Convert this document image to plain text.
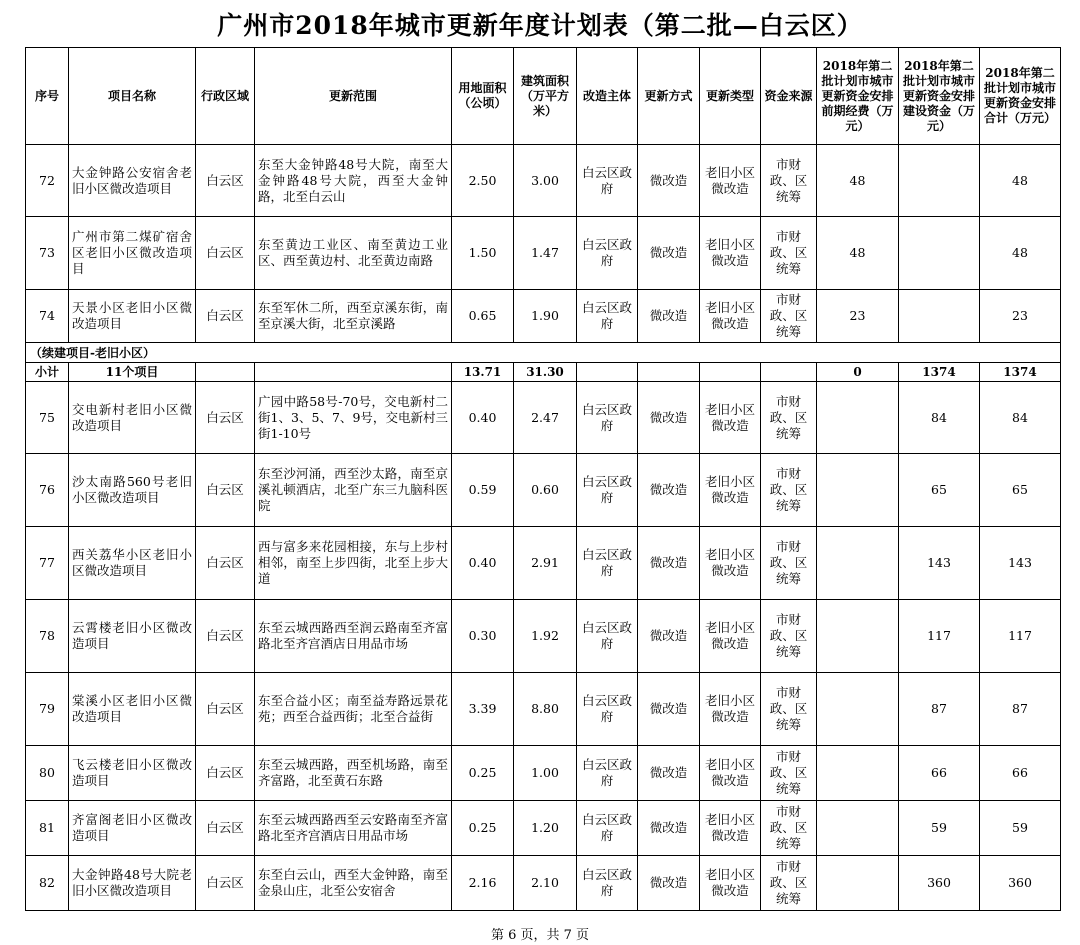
广州市2018年城市更新年度计划表（第二批—白云区）
序号	项目名称	行政区域	更新范围	用地面积（公顷）	建筑面积（万平方米）	改造主体	更新方式	更新类型	资金来源	2018年第二批计划市城市更新资金安排前期经费（万元）	2018年第二批计划市城市更新资金安排建设资金（万元）	2018年第二批计划市城市更新资金安排合计（万元）
72	大金钟路公安宿舍老旧小区微改造项目	白云区	东至大金钟路48号大院，南至大金钟路48号大院，西至大金钟路，北至白云山	2.50	3.00	白云区政府	微改造	老旧小区微改造	市财政、区统筹	48		48
73	广州市第二煤矿宿舍区老旧小区微改造项目	白云区	东至黄边工业区、南至黄边工业区、西至黄边村、北至黄边南路	1.50	1.47	白云区政府	微改造	老旧小区微改造	市财政、区统筹	48		48
74	天景小区老旧小区微改造项目	白云区	东至军休二所，西至京溪东街，南至京溪大街，北至京溪路	0.65	1.90	白云区政府	微改造	老旧小区微改造	市财政、区统筹	23		23
（续建项目-老旧小区）												
小计	11个项目			13.71	31.30					0	1374	1374
75	交电新村老旧小区微改造项目	白云区	广园中路58号-70号，交电新村二街1、3、5、7、9号，交电新村三街1-10号	0.40	2.47	白云区政府	微改造	老旧小区微改造	市财政、区统筹		84	84
76	沙太南路560号老旧小区微改造项目	白云区	东至沙河涌，西至沙太路，南至京溪礼顿酒店，北至广东三九脑科医院	0.59	0.60	白云区政府	微改造	老旧小区微改造	市财政、区统筹		65	65
77	西关荔华小区老旧小区微改造项目	白云区	西与富多来花园相接，东与上步村相邻，南至上步四街，北至上步大道	0.40	2.91	白云区政府	微改造	老旧小区微改造	市财政、区统筹		143	143
78	云霄楼老旧小区微改造项目	白云区	东至云城西路西至润云路南至齐富路北至齐宫酒店日用品市场	0.30	1.92	白云区政府	微改造	老旧小区微改造	市财政、区统筹		117	117
79	棠溪小区老旧小区微改造项目	白云区	东至合益小区；南至益寿路远景花苑；西至合益西街；北至合益街	3.39	8.80	白云区政府	微改造	老旧小区微改造	市财政、区统筹		87	87
80	飞云楼老旧小区微改造项目	白云区	东至云城西路，西至机场路，南至齐富路，北至黄石东路	0.25	1.00	白云区政府	微改造	老旧小区微改造	市财政、区统筹		66	66
81	齐富阁老旧小区微改造项目	白云区	东至云城西路西至云安路南至齐富路北至齐宫酒店日用品市场	0.25	1.20	白云区政府	微改造	老旧小区微改造	市财政、区统筹		59	59
82	大金钟路48号大院老旧小区微改造项目	白云区	东至白云山，西至大金钟路，南至金泉山庄，北至公安宿舍	2.16	2.10	白云区政府	微改造	老旧小区微改造	市财政、区统筹		360	360
第 6 页，共 7 页
